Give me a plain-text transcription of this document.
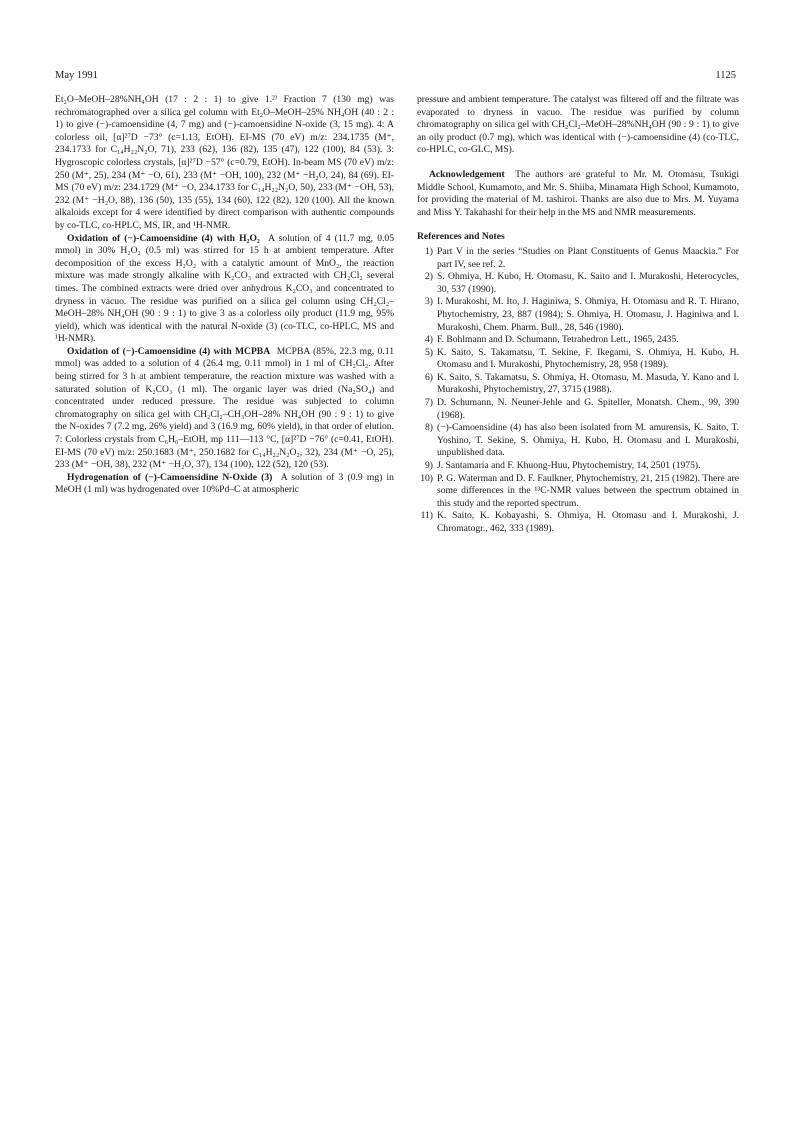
May 1991	1125

Et₂O–MeOH–28%NH₄OH (17 : 2 : 1) to give 1.²⁾ Fraction 7 (130 mg) was rechromatographed over a silica gel column with Et₂O–MeOH–25% NH₄OH (40 : 2 : 1) to give (−)-camoensidine (4, 7 mg) and (−)-camoensidine N-oxide (3, 15 mg). 4: A colorless oil, [α]²⁷D −73° (c=1.13, EtOH). EI-MS (70 eV) m/z: 234.1735 (M⁺, 234.1733 for C₁₄H₂₂N₂O, 71), 233 (62), 136 (82), 135 (47), 122 (100), 84 (53). 3: Hygroscopic colorless crystals, [α]²⁷D −57° (c=0.79, EtOH). In-beam MS (70 eV) m/z: 250 (M⁺, 25), 234 (M⁺ −O, 61), 233 (M⁺ −OH, 100), 232 (M⁺ −H₂O, 24), 84 (69). EI-MS (70 eV) m/z: 234.1729 (M⁺ −O, 234.1733 for C₁₄H₂₂N₂O, 50), 233 (M⁺ −OH, 53), 232 (M⁺ −H₂O, 88), 136 (50), 135 (55), 134 (60), 122 (82), 120 (100). All the known alkaloids except for 4 were identified by direct comparison with authentic compounds by co-TLC, co-HPLC, MS, IR, and ¹H-NMR.

Oxidation of (−)-Camoensidine (4) with H₂O₂ A solution of 4 (11.7 mg, 0.05 mmol) in 30% H₂O₂ (0.5 ml) was stirred for 15 h at ambient temperature. After decomposition of the excess H₂O₂ with a catalytic amount of MnO₂, the reaction mixture was made strongly alkaline with K₂CO₃ and extracted with CH₂Cl₂ several times. The combined extracts were dried over anhydrous K₂CO₃ and concentrated to dryness in vacuo. The residue was purified on a silica gel column using CH₂Cl₂–MeOH–28% NH₄OH (90 : 9 : 1) to give 3 as a colorless oily product (11.9 mg, 95% yield), which was identical with the natural N-oxide (3) (co-TLC, co-HPLC, MS and ¹H-NMR).

Oxidation of (−)-Camoensidine (4) with MCPBA MCPBA (85%, 22.3 mg, 0.11 mmol) was added to a solution of 4 (26.4 mg, 0.11 mmol) in 1 ml of CH₂Cl₂. After being stirred for 3 h at ambient temperature, the reaction mixture was washed with a saturated solution of K₂CO₃ (1 ml). The organic layer was dried (Na₂SO₄) and concentrated under reduced pressure. The residue was subjected to column chromatography on silica gel with CH₂Cl₂–CH₃OH–28% NH₄OH (90 : 9 : 1) to give the N-oxides 7 (7.2 mg, 26% yield) and 3 (16.9 mg, 60% yield), in that order of elution. 7: Colorless crystals from C₆H₆–EtOH, mp 111—113 °C, [α]²⁷D −76° (c=0.41, EtOH). EI-MS (70 eV) m/z: 250.1683 (M⁺, 250.1682 for C₁₄H₂₂N₂O₂, 32), 234 (M⁺ −O, 25), 233 (M⁺ −OH, 38), 232 (M⁺ −H₂O, 37), 134 (100), 122 (52), 120 (53).

Hydrogenation of (−)-Camoensidine N-Oxide (3) A solution of 3 (0.9 mg) in MeOH (1 ml) was hydrogenated over 10%Pd–C at atmospheric

pressure and ambient temperature. The catalyst was filtered off and the filtrate was evaporated to dryness in vacuo. The residue was purified by column chromatography on silica gel with CH₂Cl₂–MeOH–28%NH₄OH (90 : 9 : 1) to give an oily product (0.7 mg), which was identical with (−)-camoensidine (4) (co-TLC, co-HPLC, co-GLC, MS).

Acknowledgement The authors are grateful to Mr. M. Otomasu, Tsukigi Middle School, Kumamoto, and Mr. S. Shiiba, Minamata High School, Kumamoto, for providing the material of M. tashiroi. Thanks are also due to Mrs. M. Yuyama and Miss Y. Takahashi for their help in the MS and NMR measurements.

References and Notes

1) Part V in the series “Studies on Plant Constituents of Genus Maackia.” For part IV, see ref. 2.
2) S. Ohmiya, H. Kubo, H. Otomasu, K. Saito and I. Murakoshi, Heterocycles, 30, 537 (1990).
3) I. Murakoshi, M. Ito, J. Haginiwa, S. Ohmiya, H. Otomasu and R. T. Hirano, Phytochemistry, 23, 887 (1984); S. Ohmiya, H. Otomasu, J. Haginiwa and I. Murakoshi, Chem. Pharm. Bull., 28, 546 (1980).
4) F. Bohlmann and D. Schumann, Tetrahedron Lett., 1965, 2435.
5) K. Saito, S. Takamatsu, T. Sekine, F. Ikegami, S. Ohmiya, H. Kubo, H. Otomasu and I. Murakoshi, Phytochemistry, 28, 958 (1989).
6) K. Saito, S. Takamatsu, S. Ohmiya, H. Otomasu, M. Masuda, Y. Kano and I. Murakoshi, Phytochemistry, 27, 3715 (1988).
7) D. Schumann, N. Neuner-Jehle and G. Spiteller, Monatsh. Chem., 99, 390 (1968).
8) (−)-Camoensidine (4) has also been isolated from M. amurensis, K. Saito, T. Yoshino, T. Sekine, S. Ohmiya, H. Kubo, H. Otomasu and I. Murakoshi, unpublished data.
9) J. Santamaria and F. Khuong-Huu, Phytochemistry, 14, 2501 (1975).
10) P. G. Waterman and D. F. Faulkner, Phytochemistry, 21, 215 (1982). There are some differences in the ¹³C-NMR values between the spectrum obtained in this study and the reported spectrum.
11) K. Saito, K. Kobayashi, S. Ohmiya, H. Otomasu and I. Murakoshi, J. Chromatogr., 462, 333 (1989).
